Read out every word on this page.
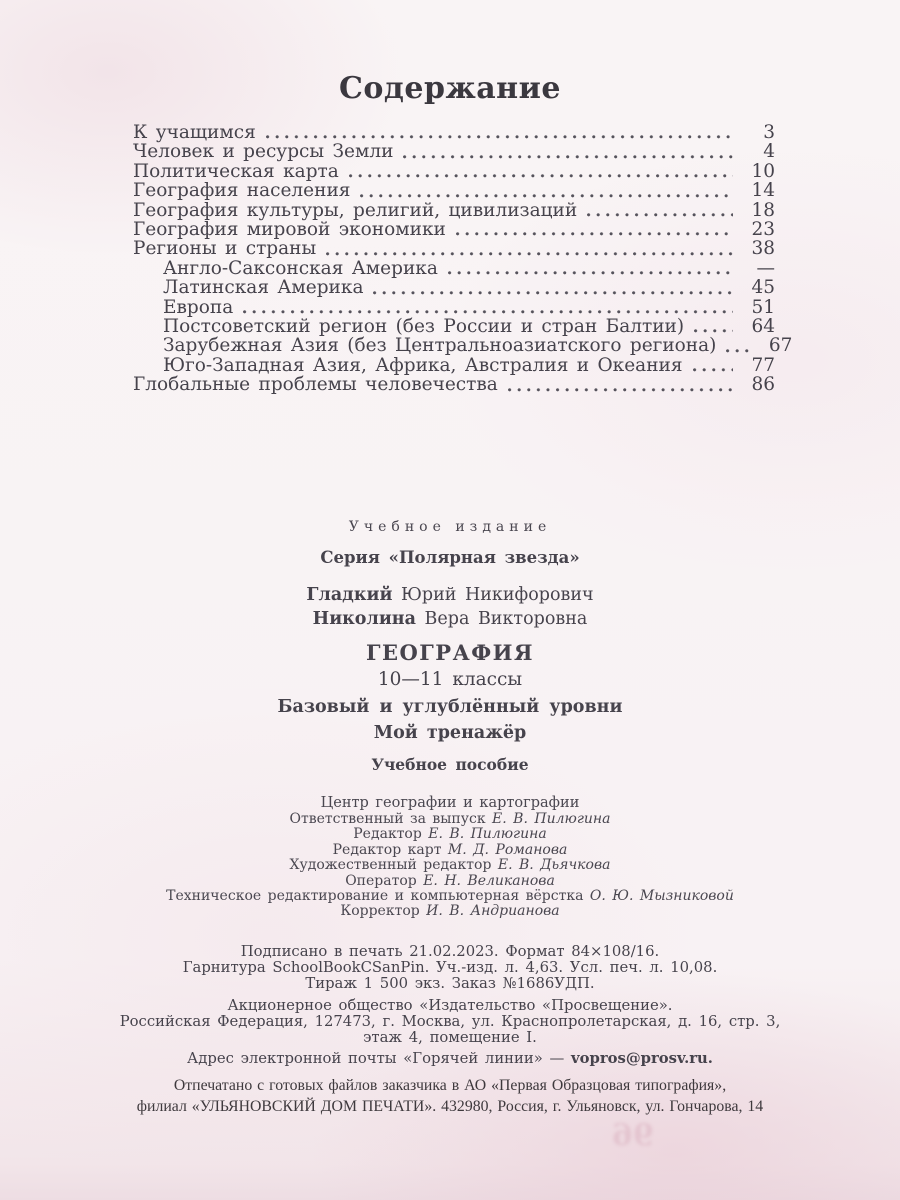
Содержание
К учащимся	3
Человек и ресурсы Земли	4
Политическая карта	10
География населения	14
География культуры, религий, цивилизаций	18
География мировой экономики	23
Регионы и страны	38
Англо-Саксонская Америка	—
Латинская Америка	45
Европа	51
Постсоветский регион (без России и стран Балтии)	64
Зарубежная Азия (без Центральноазиатского региона)	67
Юго-Западная Азия, Африка, Австралия и Океания	77
Глобальные проблемы человечества	86
Учебное издание
Серия «Полярная звезда»
Гладкий Юрий Никифорович
Николина Вера Викторовна
ГЕОГРАФИЯ
10—11 классы
Базовый и углублённый уровни
Мой тренажёр
Учебное пособие
Центр географии и картографии
Ответственный за выпуск Е. В. Пилюгина
Редактор Е. В. Пилюгина
Редактор карт М. Д. Романова
Художественный редактор Е. В. Дьячкова
Оператор Е. Н. Великанова
Техническое редактирование и компьютерная вёрстка О. Ю. Мызниковой
Корректор И. В. Андрианова
Подписано в печать 21.02.2023. Формат 84×108/16.
Гарнитура SchoolBookCSanPin. Уч.-изд. л. 4,63. Усл. печ. л. 10,08.
Тираж 1 500 экз. Заказ №1686УДП.
Акционерное общество «Издательство «Просвещение».
Российская Федерация, 127473, г. Москва, ул. Краснопролетарская, д. 16, стр. 3,
этаж 4, помещение I.
Адрес электронной почты «Горячей линии» — vopros@prosv.ru.
Отпечатано с готовых файлов заказчика в АО «Первая Образцовая типография»,
филиал «УЛЬЯНОВСКИЙ ДОМ ПЕЧАТИ». 432980, Россия, г. Ульяновск, ул. Гончарова, 14
96
